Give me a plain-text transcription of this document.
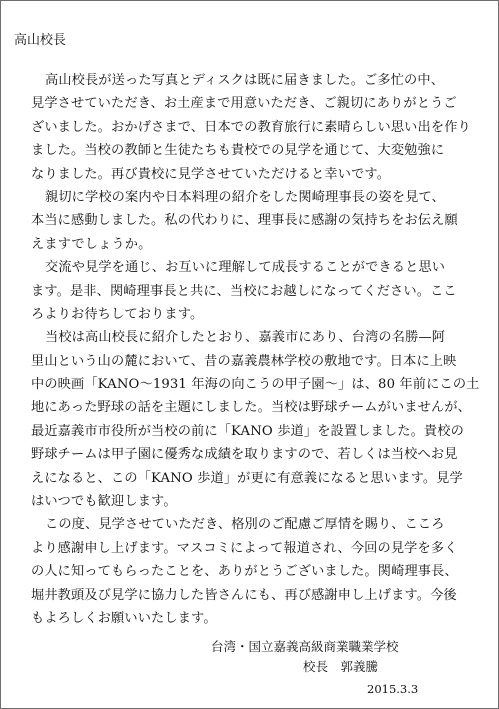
高山校長
高山校長が送った写真とディスクは既に届きました。ご多忙の中、
見学させていただき、お土産まで用意いただき、ご親切にありがとうご
ざいました。おかげさまで、日本での教育旅行に素晴らしい思い出を作り
ました。当校の教師と生徒たちも貴校での見学を通じて、大変勉強に
なりました。再び貴校に見学させていただけると幸いです。
親切に学校の案内や日本料理の紹介をした関崎理事長の姿を見て、
本当に感動しました。私の代わりに、理事長に感謝の気持ちをお伝え願
えますでしょうか。
交流や見学を通じ、お互いに理解して成長することができると思い
ます。是非、関崎理事長と共に、当校にお越しになってください。ここ
ろよりお待ちしております。
当校は高山校長に紹介したとおり、嘉義市にあり、台湾の名勝—阿
里山という山の麓において、昔の嘉義農林学校の敷地です。日本に上映
中の映画「KANO〜1931 年海の向こうの甲子園〜」は、80 年前にこの土
地にあった野球の話を主題にしました。当校は野球チームがいませんが、
最近嘉義市市役所が当校の前に「KANO 歩道」を設置しました。貴校の
野球チームは甲子園に優秀な成績を取りますので、若しくは当校へお見
えになると、この「KANO 歩道」が更に有意義になると思います。見学
はいつでも歓迎します。
この度、見学させていただき、格別のご配慮ご厚情を賜り、こころ
より感謝申し上げます。マスコミによって報道され、今回の見学を多く
の人に知ってもらったことを、ありがとうございました。関崎理事長、
堀井教頭及び見学に協力した皆さんにも、再び感謝申し上げます。今後
もよろしくお願いいたします。
台湾・国立嘉義高級商業職業学校
校長　郭義騰
2015.3.3
